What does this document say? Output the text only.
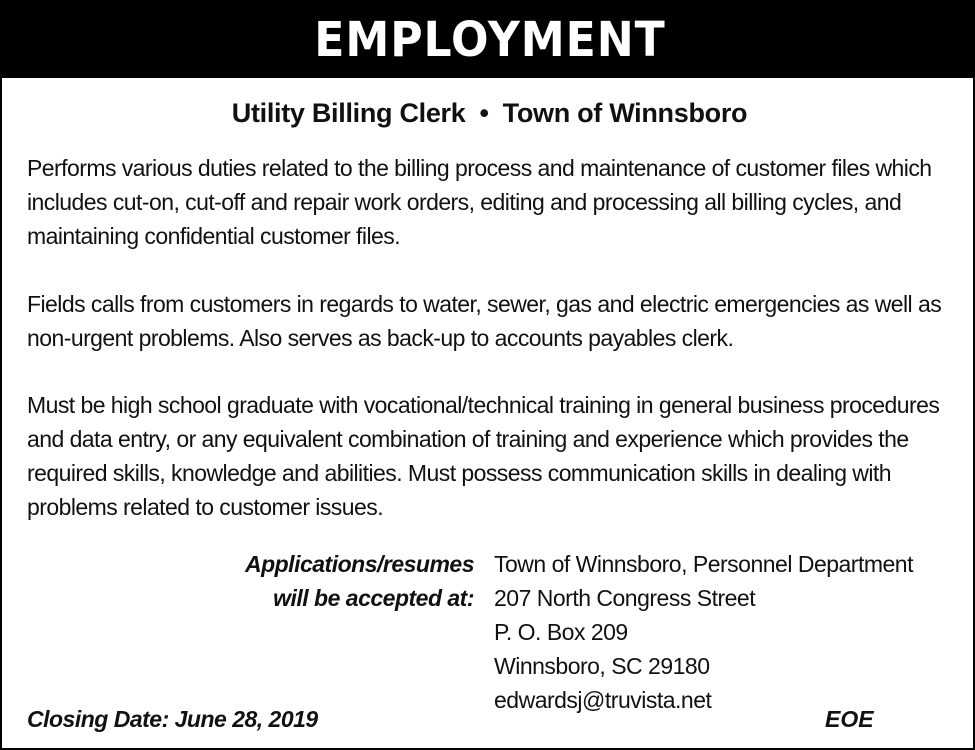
EMPLOYMENT
Utility Billing Clerk • Town of Winnsboro

Performs various duties related to the billing process and maintenance of customer files which includes cut-on, cut-off and repair work orders, editing and processing all billing cycles, and maintaining confidential customer files.

Fields calls from customers in regards to water, sewer, gas and electric emergencies as well as non-urgent problems. Also serves as back-up to accounts payables clerk.

Must be high school graduate with vocational/technical training in general business procedures and data entry, or any equivalent combination of training and experience which provides the required skills, knowledge and abilities. Must possess communication skills in dealing with problems related to customer issues.

Applications/resumes
will be accepted at:
Town of Winnsboro, Personnel Department
207 North Congress Street
P. O. Box 209
Winnsboro, SC 29180
edwardsj@truvista.net
Closing Date: June 28, 2019	EOE
